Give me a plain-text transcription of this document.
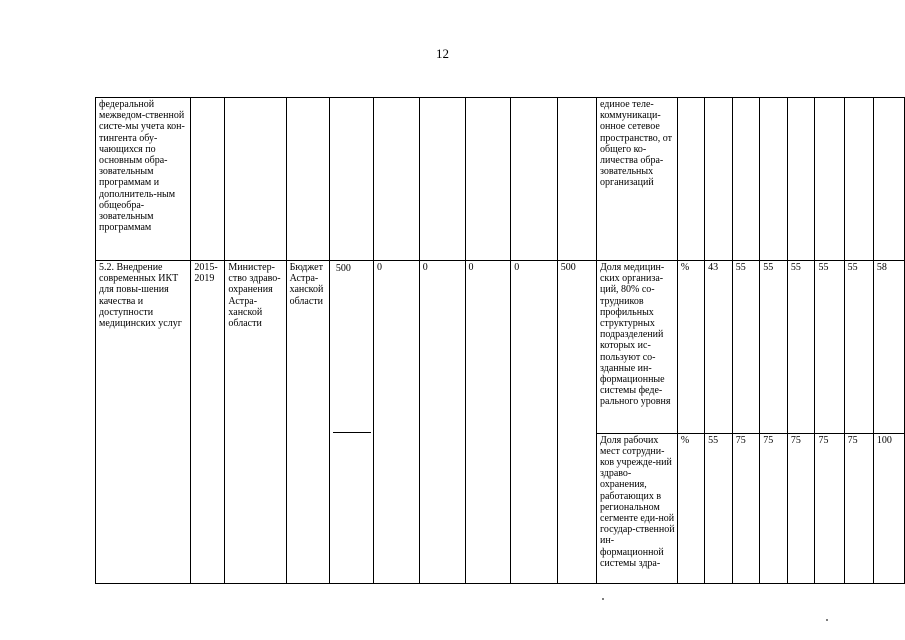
12
федеральной межведом-ственной систе-мы учета кон-тингента обу-чающихся по основным обра-зовательным программам и дополнитель-ным общеобра-зовательным программам										единое теле-коммуникаци-онное сетевое пространство, от общего ко-личества обра-зовательных организаций								
5.2. Внедрение современных ИКТ для повы-шения качества и доступности медицинских услуг	2015-2019	Министер-ство здраво-охранения Астра-ханской области	Бюджет Астра-ханской области	500	0	0	0	0	500	Доля медицин-ских организа-ций, 80% со-трудников профильных структурных подразделений которых ис-пользуют со-зданные ин-формационные системы феде-рального уровня	%	43	55	55	55	55	55	58
										Доля рабочих мест сотрудни-ков учрежде-ний здраво-охранения, работающих в региональном сегменте еди-ной государ-ственной ин-формационной системы здра-	%	55	75	75	75	75	75	100
